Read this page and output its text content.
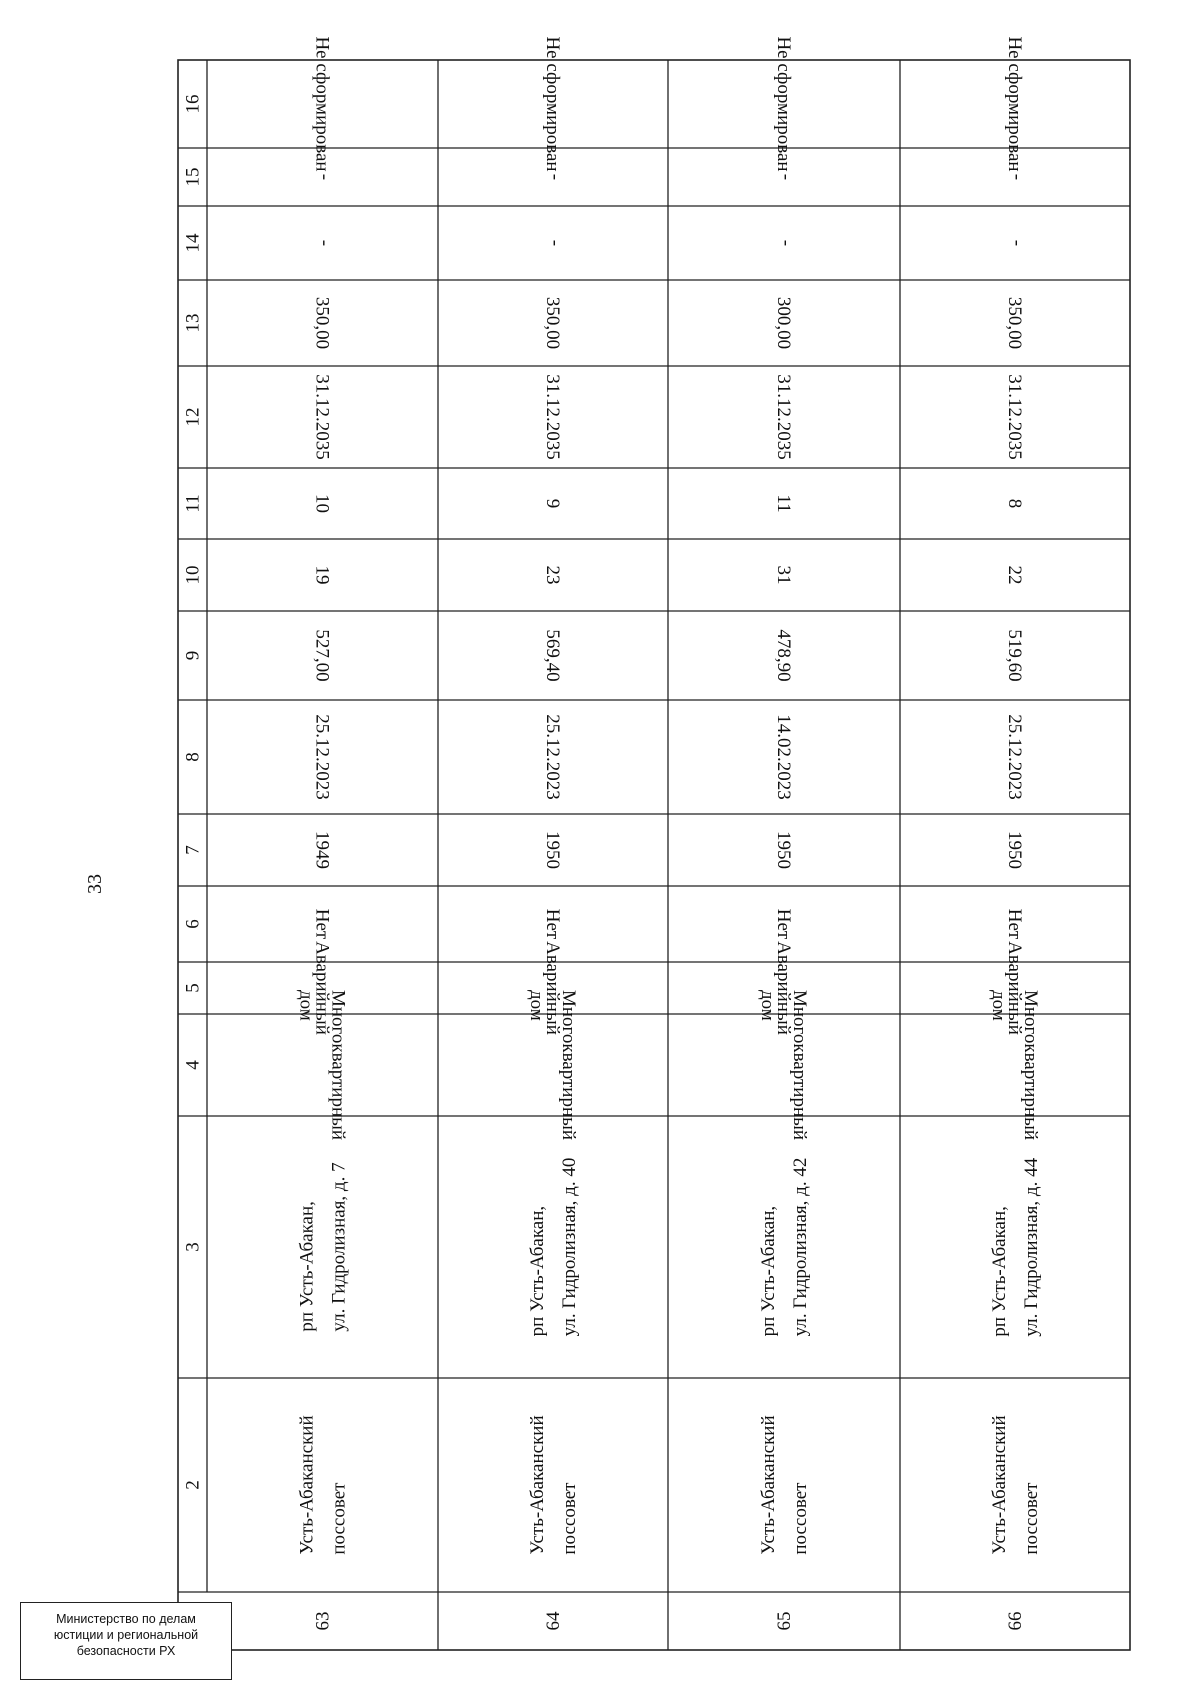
33
16
15
14
13
12
11
10
9
8
7
6
5
4
3
2
Не сформирован
-
-
350,00
31.12.2035
10
19
527,00
25.12.2023
1949
Нет
Аварийный
Многоквартирный
дом
рп Усть-Абакан, ул. Гидролизная, д. 7
Усть-Абаканский поссовет
63
Не сформирован
-
-
350,00
31.12.2035
9
23
569,40
25.12.2023
1950
Нет
Аварийный
Многоквартирный
дом
рп Усть-Абакан, ул. Гидролизная, д. 40
Усть-Абаканский поссовет
64
Не сформирован
-
-
300,00
31.12.2035
11
31
478,90
14.02.2023
1950
Нет
Аварийный
Многоквартирный
дом
рп Усть-Абакан, ул. Гидролизная, д. 42
Усть-Абаканский поссовет
65
Не сформирован
-
-
350,00
31.12.2035
8
22
519,60
25.12.2023
1950
Нет
Аварийный
Многоквартирный
дом
рп Усть-Абакан, ул. Гидролизная, д. 44
Усть-Абаканский поссовет
66
Министерство по делам
юстиции и региональной
безопасности РХ
